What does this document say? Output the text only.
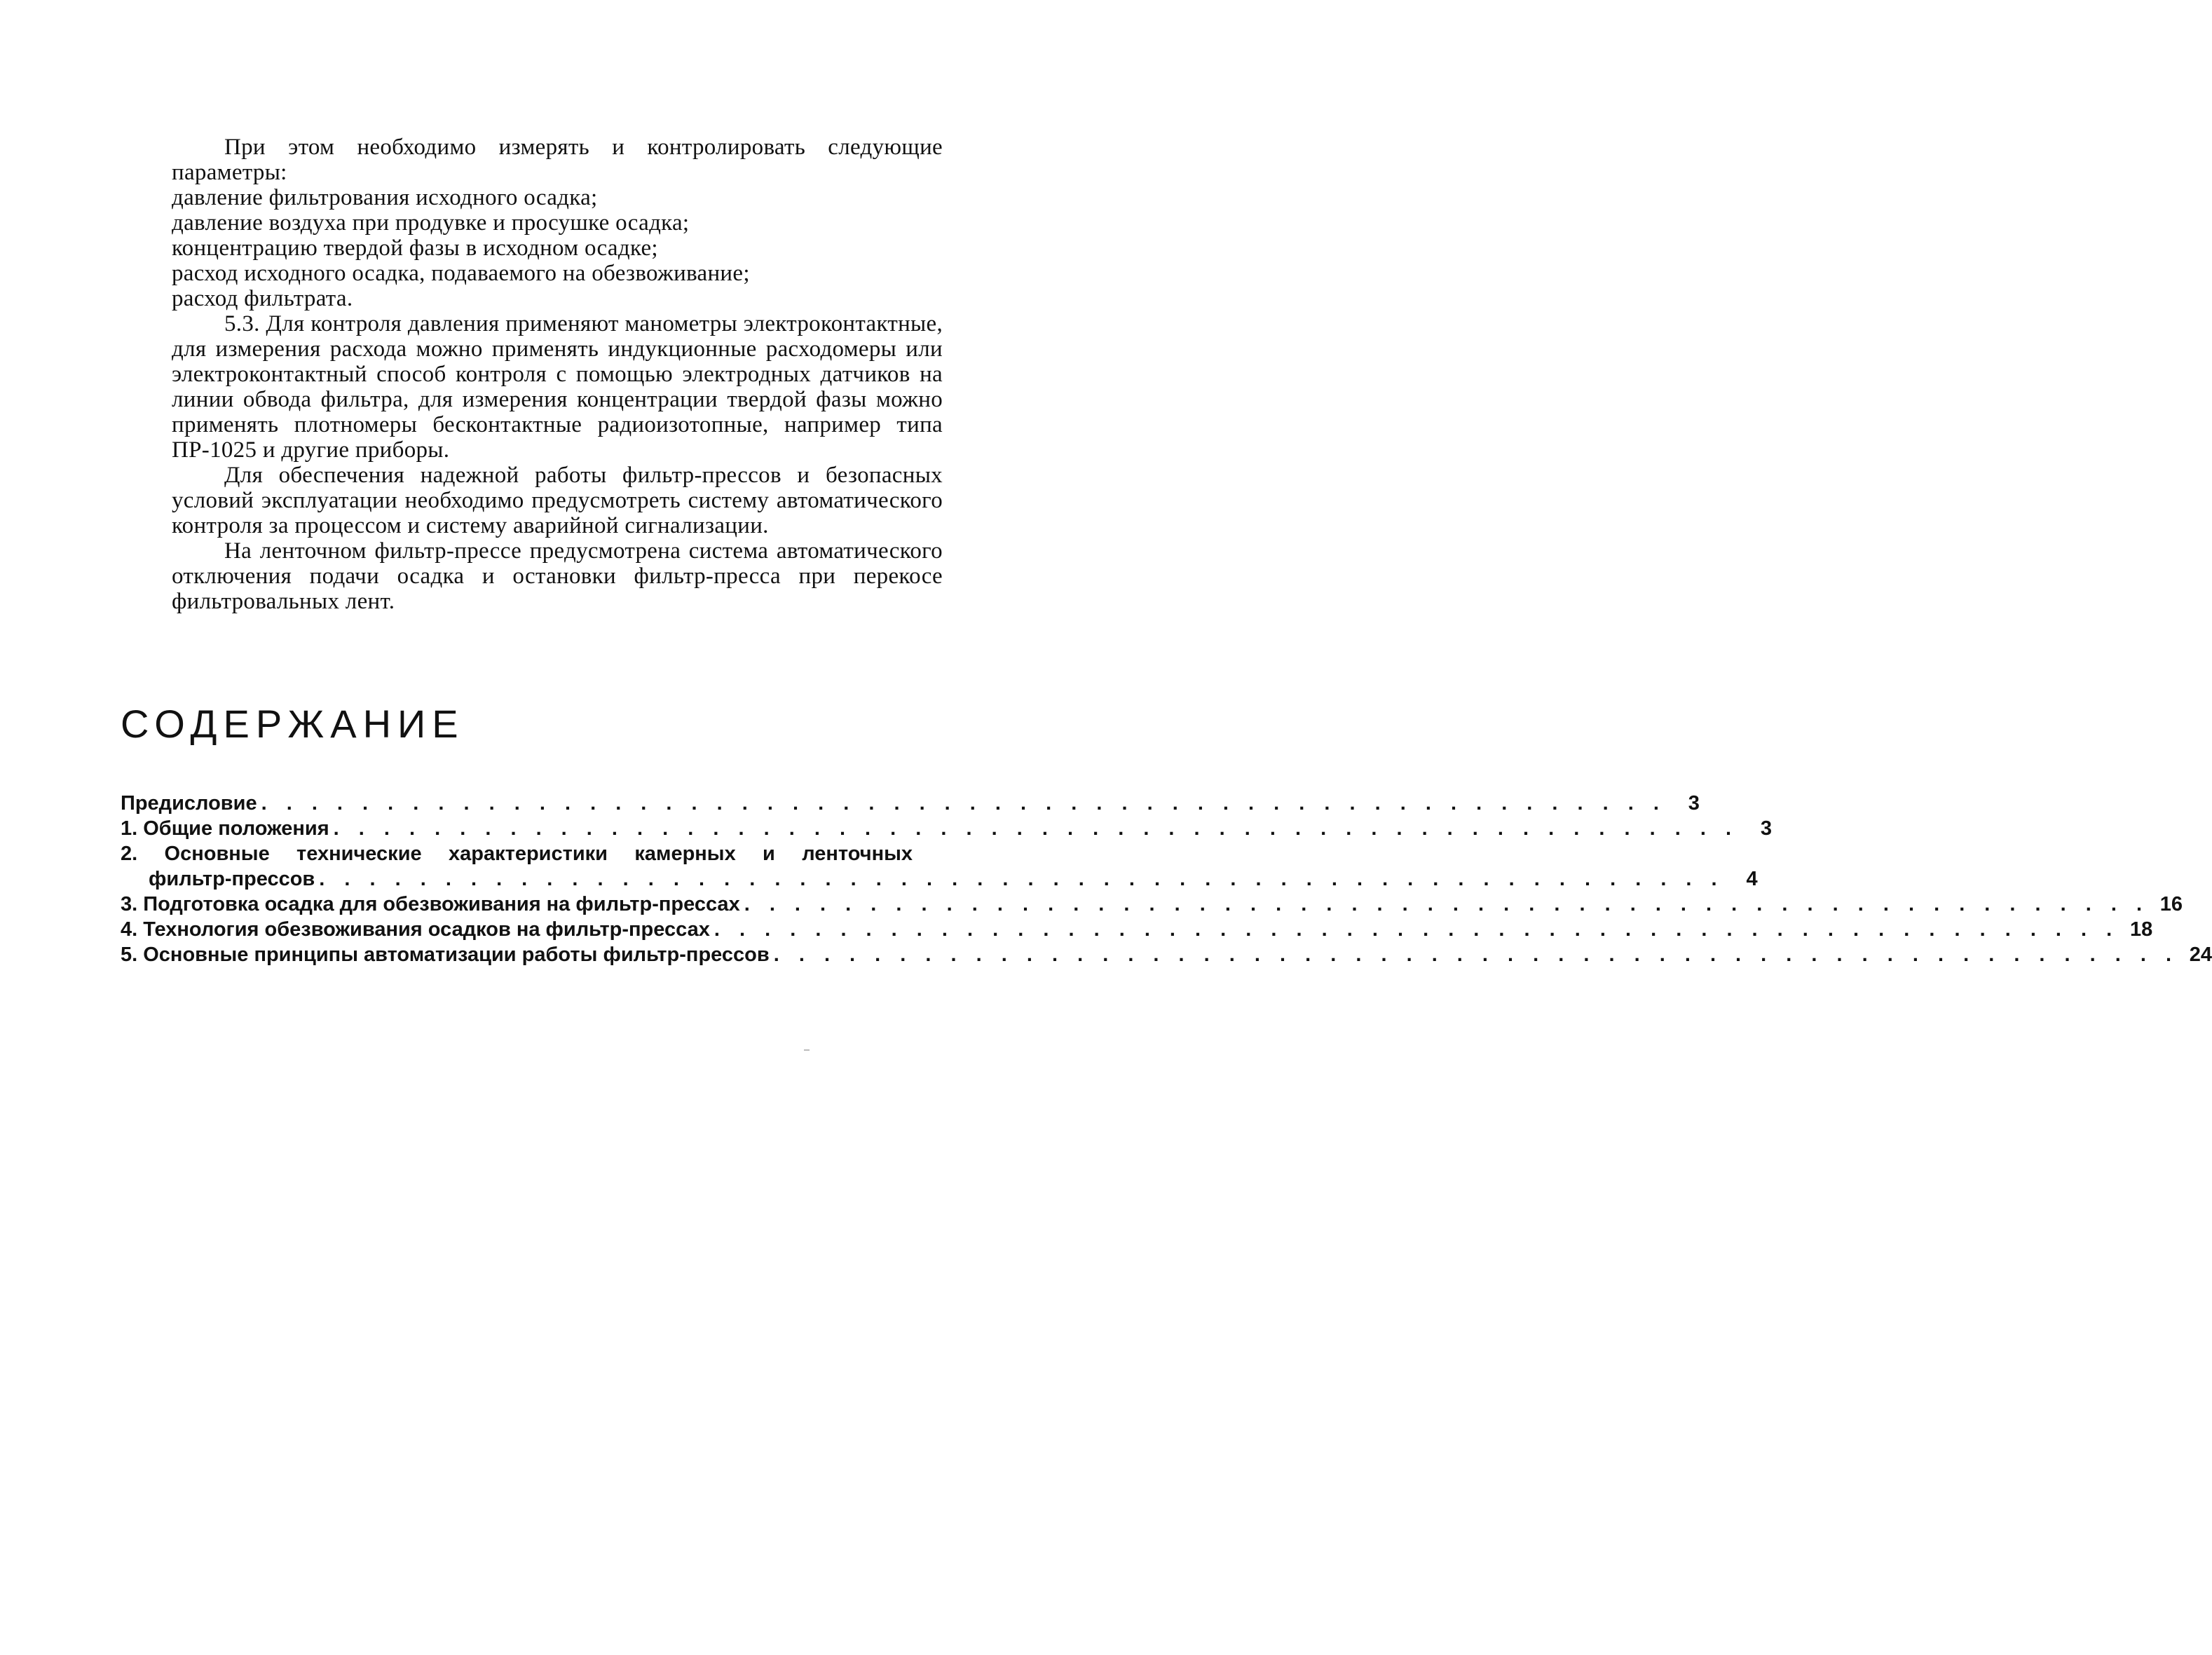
При этом необходимо измерять и контролировать следующие параметры:

давление фильтрования исходного осадка;

давление воздуха при продувке и просушке осадка;

концентрацию твердой фазы в исходном осадке;

расход исходного осадка, подаваемого на обезвоживание;

расход фильтрата.

5.3. Для контроля давления применяют манометры электроконтактные, для измерения расхода можно применять индукционные расходомеры или электроконтактный способ контроля с помощью электродных датчиков на линии обвода фильтра, для измерения концентрации твердой фазы можно применять плотномеры бесконтактные радиоизотопные, например типа ПР-1025 и другие приборы.

Для обеспечения надежной работы фильтр-прессов и безопасных условий эксплуатации необходимо предусмотреть систему автоматического контроля за процессом и систему аварийной сигнализации.

На ленточном фильтр-прессе предусмотрена система автоматического отключения подачи осадка и остановки фильтр-пресса при перекосе фильтровальных лент.

СОДЕРЖАНИЕ
Предисловие . . .	3
1. Общие положения . . .	3
2. Основные технические характеристики камерных и ленточных
фильтр-прессов . . .	4
3. Подготовка осадка для обезвоживания на фильтр-прессах . . .	16
4. Технология обезвоживания осадков на фильтр-прессах . . .	18
5. Основные принципы автоматизации работы фильтр-прессов . . .	24
